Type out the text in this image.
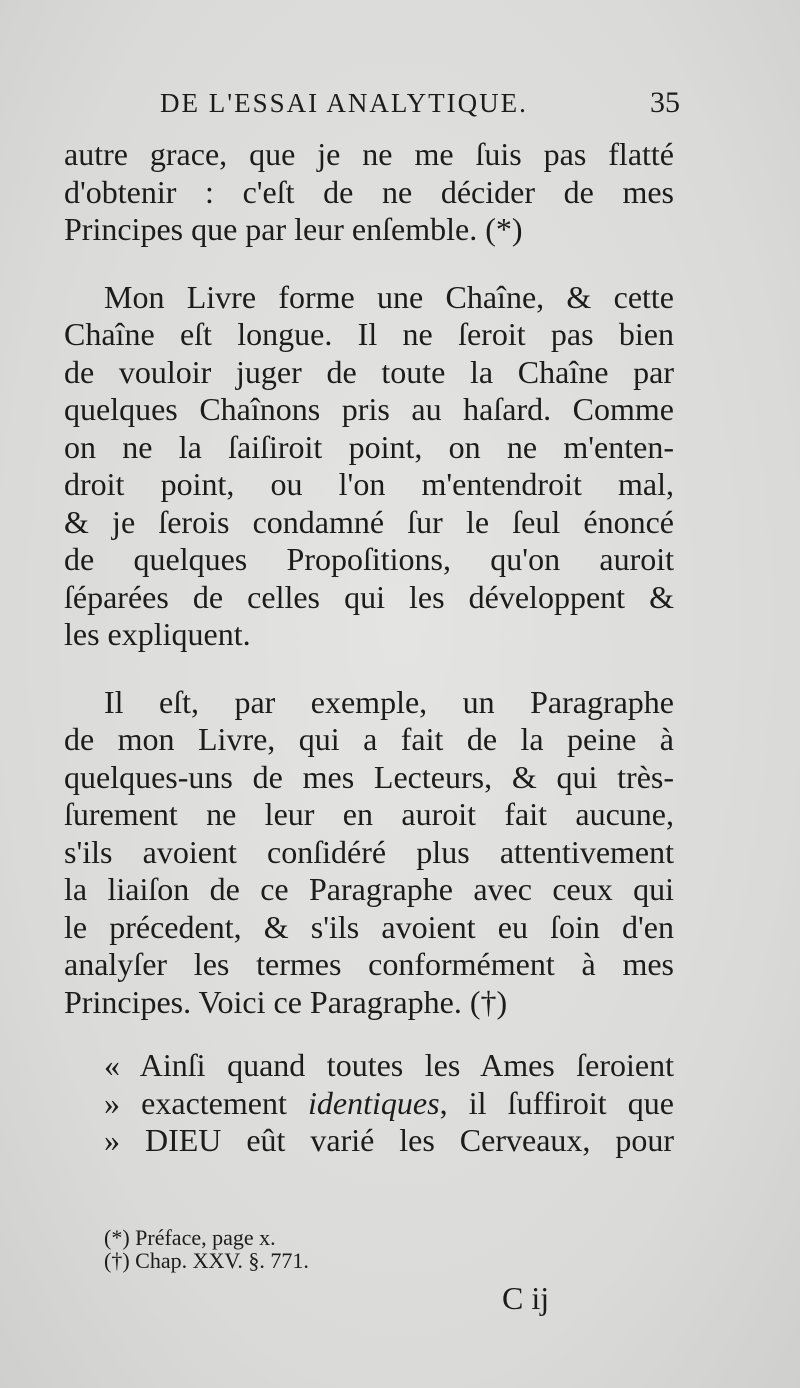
DE L'ESSAI ANALYTIQUE.	35
autre grace, que je ne me ſuis pas flatté
d'obtenir : c'eſt de ne décider de mes
Principes que par leur enſemble. (*)
Mon Livre forme une Chaîne, & cette
Chaîne eſt longue. Il ne ſeroit pas bien
de vouloir juger de toute la Chaîne par
quelques Chaînons pris au haſard. Comme
on ne la ſaiſiroit point, on ne m'enten-
droit point, ou l'on m'entendroit mal,
& je ſerois condamné ſur le ſeul énoncé
de quelques Propoſitions, qu'on auroit
ſéparées de celles qui les développent &
les expliquent.
Il eſt, par exemple, un Paragraphe
de mon Livre, qui a fait de la peine à
quelques-uns de mes Lecteurs, & qui très-
ſurement ne leur en auroit fait aucune,
s'ils avoient conſidéré plus attentivement
la liaiſon de ce Paragraphe avec ceux qui
le précedent, & s'ils avoient eu ſoin d'en
analyſer les termes conformément à mes
Principes. Voici ce Paragraphe. (†)
« Ainſi quand toutes les Ames ſeroient
» exactement identiques, il ſuffiroit que
» DIEU eût varié les Cerveaux, pour
(*) Préface, page x.
(†) Chap. XXV. §. 771.
C ij
